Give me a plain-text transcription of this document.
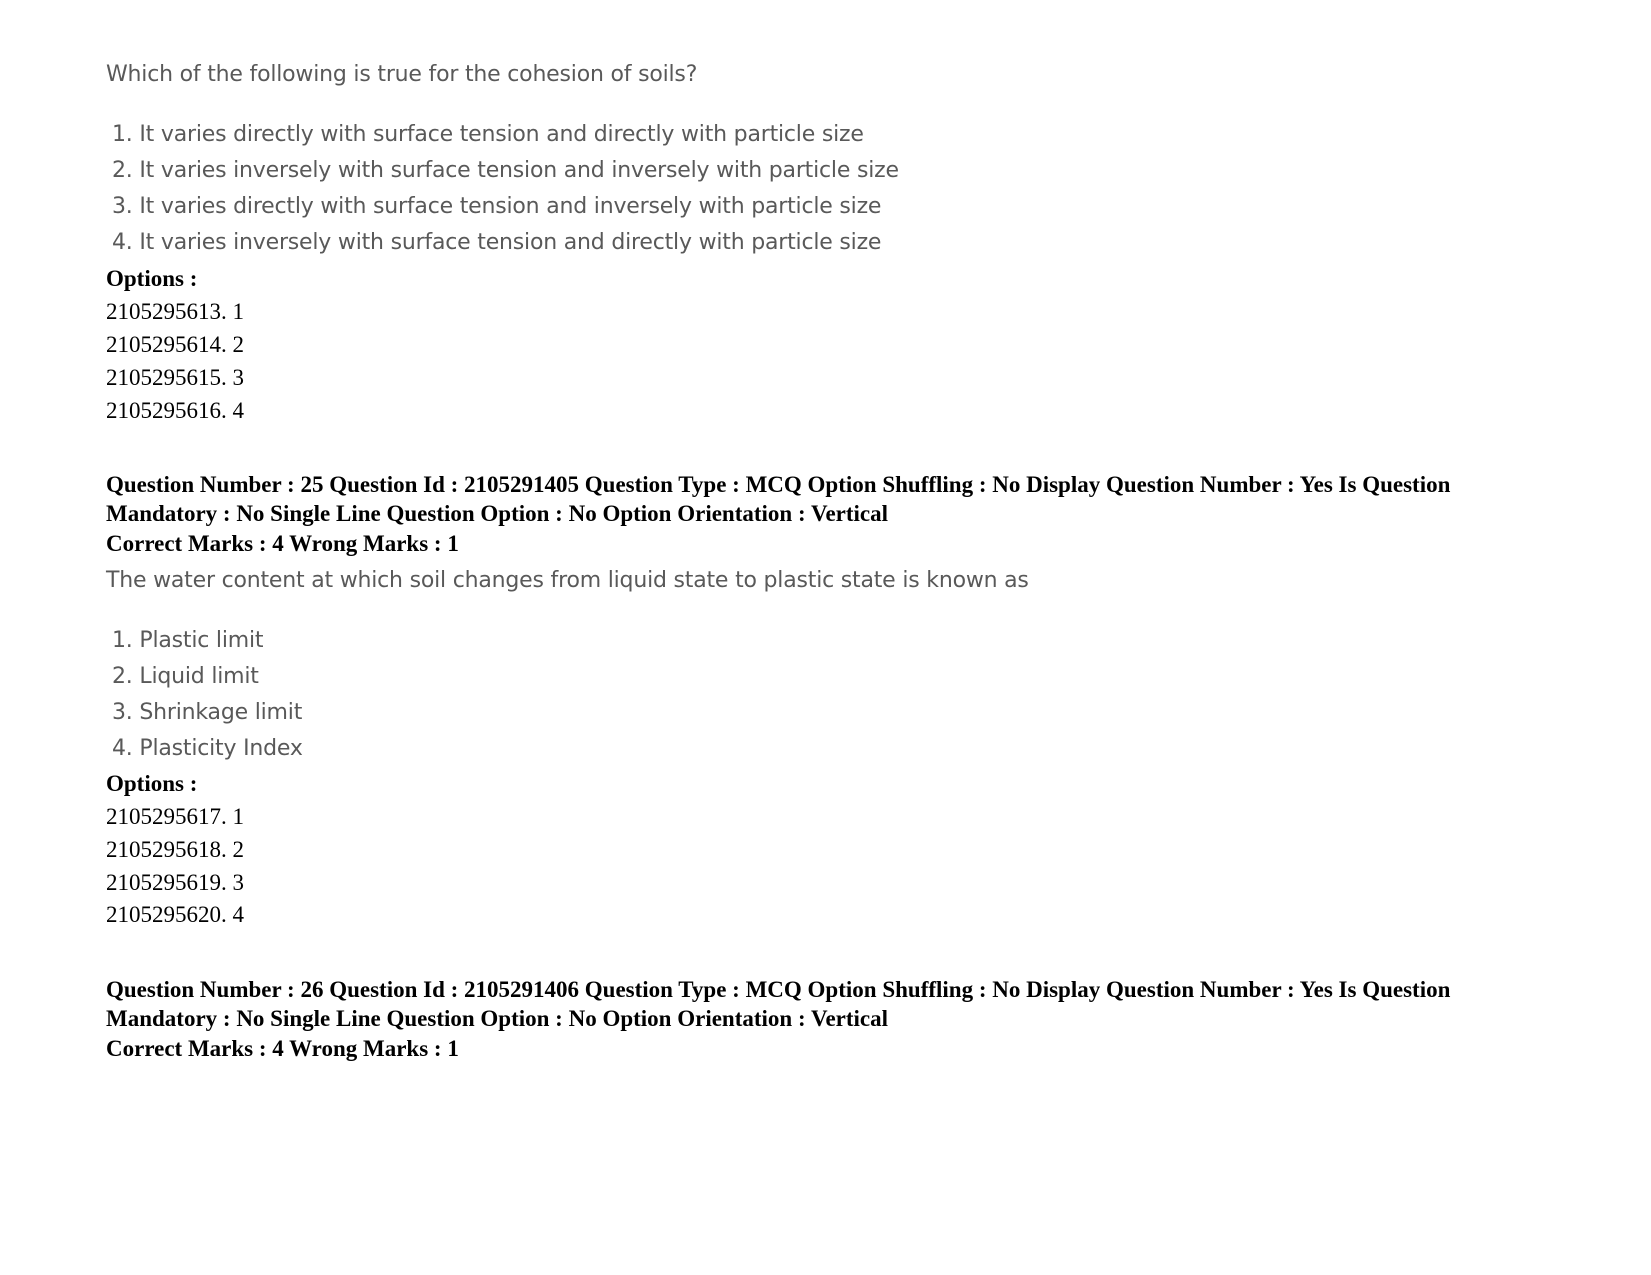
Which of the following is true for the cohesion of soils?
1. It varies directly with surface tension and directly with particle size
2. It varies inversely with surface tension and inversely with particle size
3. It varies directly with surface tension and inversely with particle size
4. It varies inversely with surface tension and directly with particle size
Options :
2105295613. 1
2105295614. 2
2105295615. 3
2105295616. 4
Question Number : 25 Question Id : 2105291405 Question Type : MCQ Option Shuffling : No Display Question Number : Yes Is Question Mandatory : No Single Line Question Option : No Option Orientation : Vertical
Correct Marks : 4 Wrong Marks : 1
The water content at which soil changes from liquid state to plastic state is known as
1. Plastic limit
2. Liquid limit
3. Shrinkage limit
4. Plasticity Index
Options :
2105295617. 1
2105295618. 2
2105295619. 3
2105295620. 4
Question Number : 26 Question Id : 2105291406 Question Type : MCQ Option Shuffling : No Display Question Number : Yes Is Question Mandatory : No Single Line Question Option : No Option Orientation : Vertical
Correct Marks : 4 Wrong Marks : 1
